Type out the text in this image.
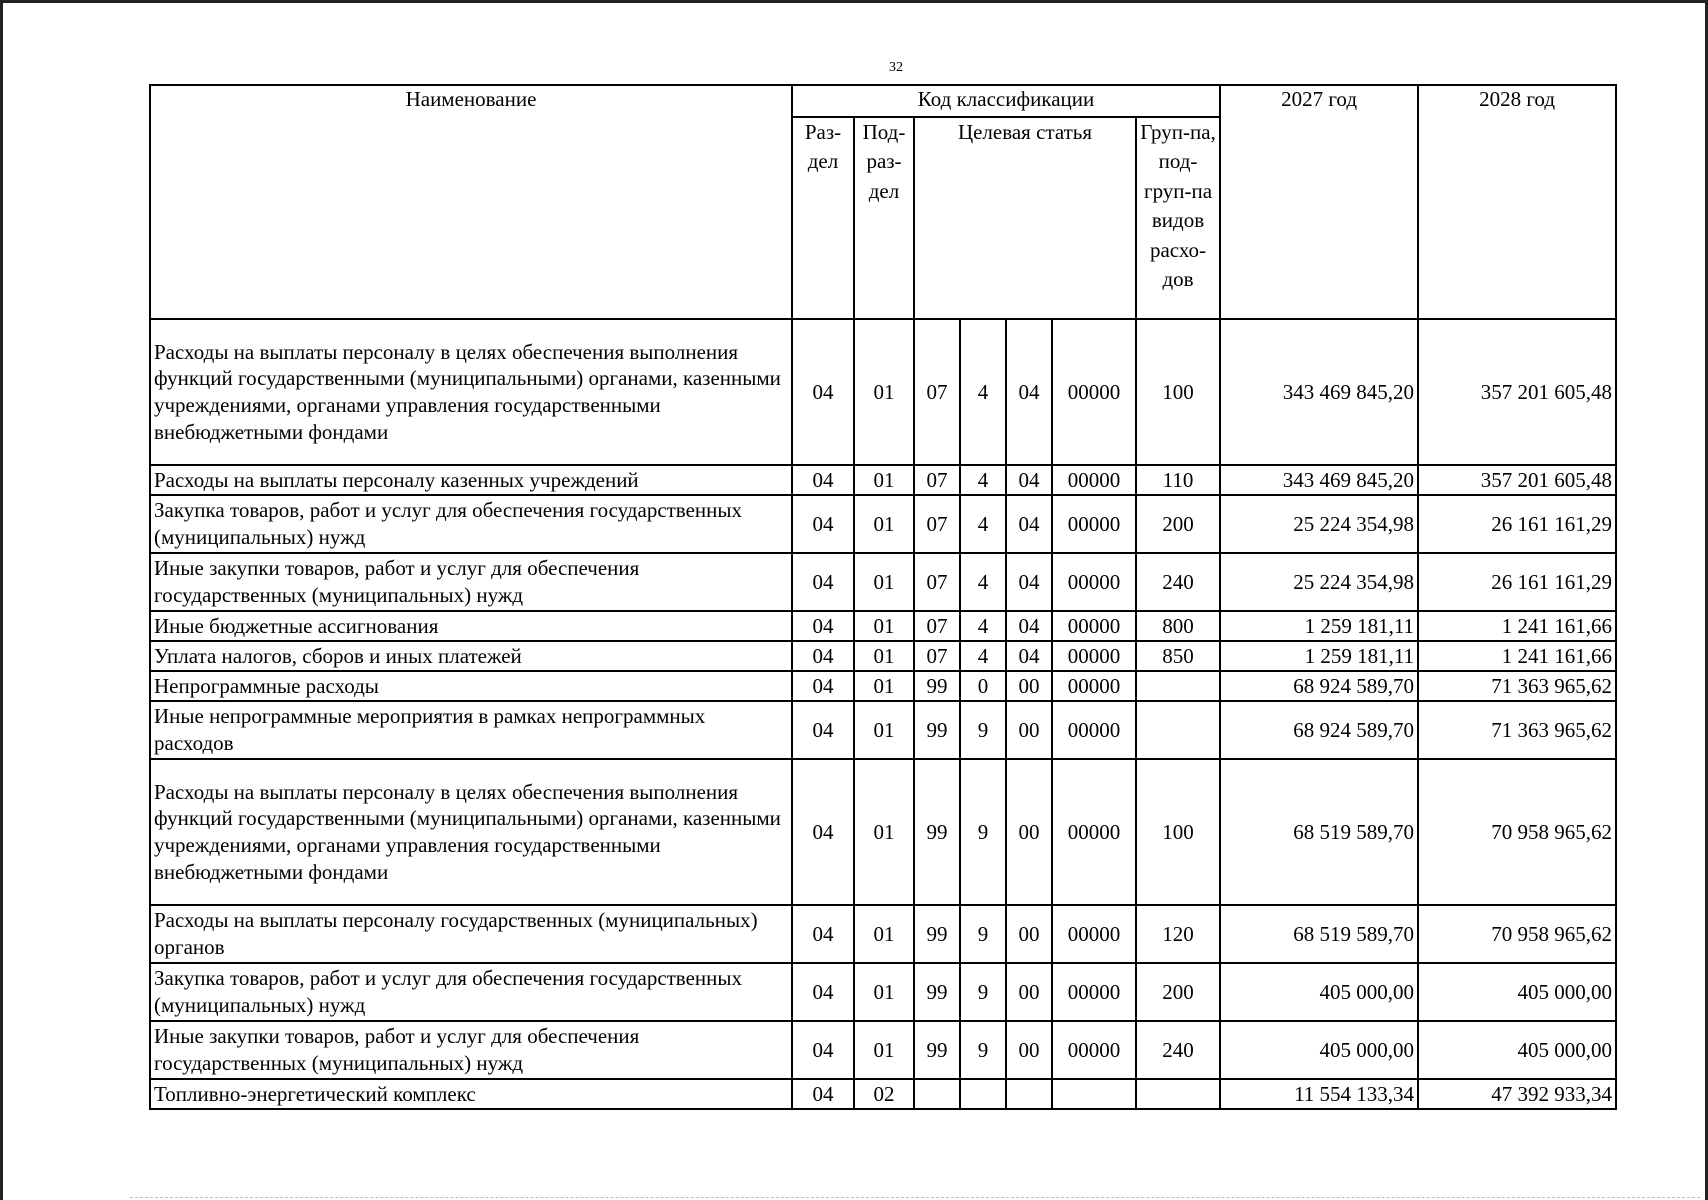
32
Наименование	Код классификации							2027 год	2028 год
	Раз-дел	Под-раз-дел	Целевая статья				Груп-па, под-груп-па видов расхо-дов		
Расходы на выплаты персоналу в целях обеспечения выполнения функций государственными (муниципальными) органами, казенными учреждениями, органами управления государственными внебюджетными фондами	04	01	07	4	04	00000	100	343 469 845,20	357 201 605,48
Расходы на выплаты персоналу казенных учреждений	04	01	07	4	04	00000	110	343 469 845,20	357 201 605,48
Закупка товаров, работ и услуг для обеспечения государственных (муниципальных) нужд	04	01	07	4	04	00000	200	25 224 354,98	26 161 161,29
Иные закупки товаров, работ и услуг для обеспечения государственных (муниципальных) нужд	04	01	07	4	04	00000	240	25 224 354,98	26 161 161,29
Иные бюджетные ассигнования	04	01	07	4	04	00000	800	1 259 181,11	1 241 161,66
Уплата налогов, сборов и иных платежей	04	01	07	4	04	00000	850	1 259 181,11	1 241 161,66
Непрограммные расходы	04	01	99	0	00	00000		68 924 589,70	71 363 965,62
Иные непрограммные мероприятия в рамках непрограммных расходов	04	01	99	9	00	00000		68 924 589,70	71 363 965,62
Расходы на выплаты персоналу в целях обеспечения выполнения функций государственными (муниципальными) органами, казенными учреждениями, органами управления государственными внебюджетными фондами	04	01	99	9	00	00000	100	68 519 589,70	70 958 965,62
Расходы на выплаты персоналу государственных (муниципальных) органов	04	01	99	9	00	00000	120	68 519 589,70	70 958 965,62
Закупка товаров, работ и услуг для обеспечения государственных (муниципальных) нужд	04	01	99	9	00	00000	200	405 000,00	405 000,00
Иные закупки товаров, работ и услуг для обеспечения государственных (муниципальных) нужд	04	01	99	9	00	00000	240	405 000,00	405 000,00
Топливно-энергетический комплекс	04	02						11 554 133,34	47 392 933,34
